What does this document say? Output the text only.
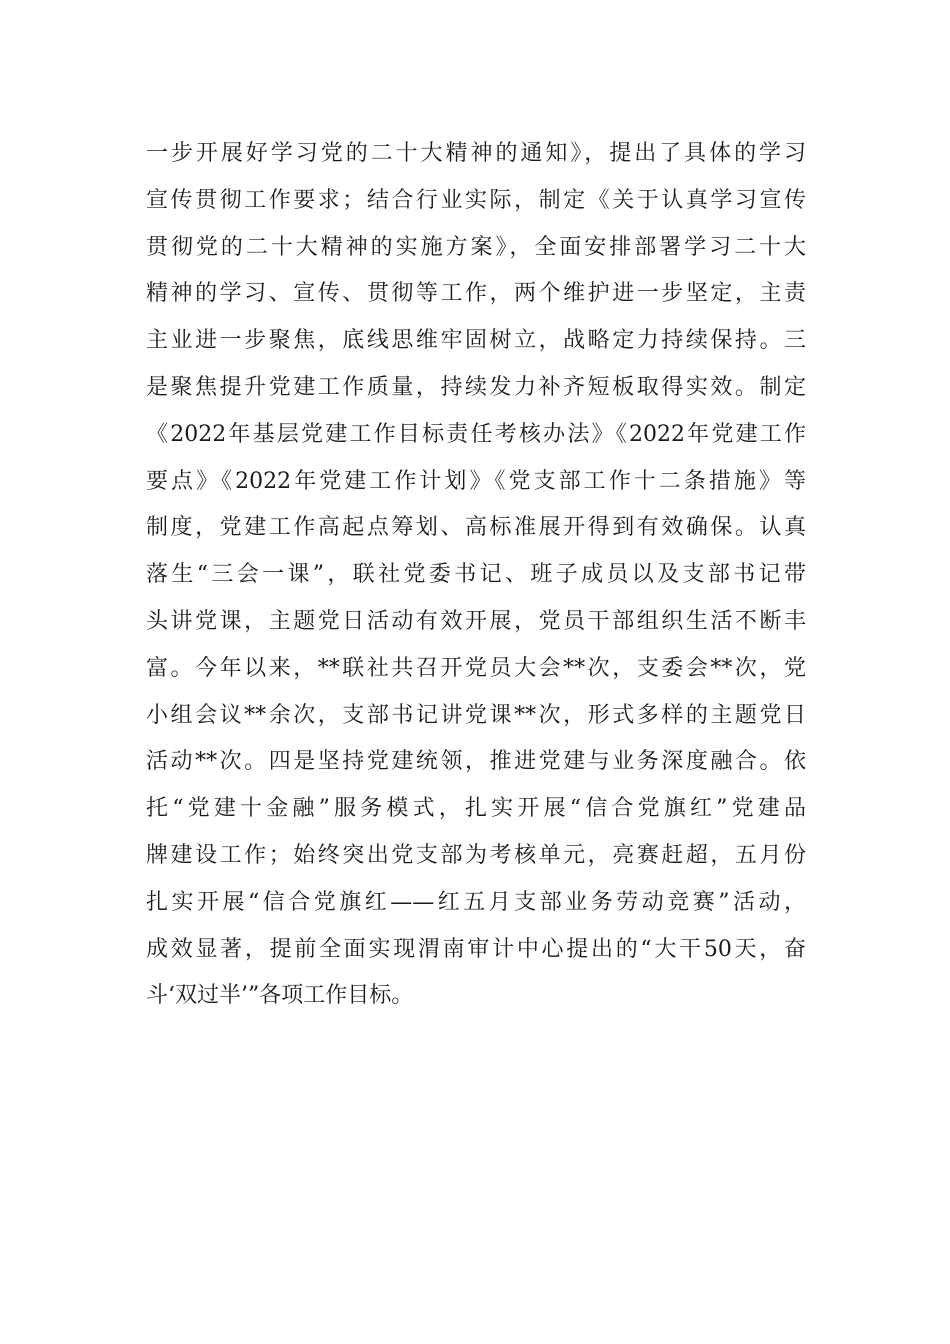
一步开展好学习党的二十大精神的通知》，提出了具体的学习
宣传贯彻工作要求；结合行业实际，制定《关于认真学习宣传
贯彻党的二十大精神的实施方案》，全面安排部署学习二十大
精神的学习、宣传、贯彻等工作，两个维护进一步坚定，主责
主业进一步聚焦，底线思维牢固树立，战略定力持续保持。三
是聚焦提升党建工作质量，持续发力补齐短板取得实效。制定
《2022年基层党建工作目标责任考核办法》《2022年党建工作
要点》《2022年党建工作计划》《党支部工作十二条措施》等
制度，党建工作高起点筹划、高标准展开得到有效确保。认真
落生“三会一课”，联社党委书记、班子成员以及支部书记带
头讲党课，主题党日活动有效开展，党员干部组织生活不断丰
富。今年以来，**联社共召开党员大会**次，支委会**次，党
小组会议**余次，支部书记讲党课**次，形式多样的主题党日
活动**次。四是坚持党建统领，推进党建与业务深度融合。依
托“党建十金融”服务模式，扎实开展“信合党旗红”党建品
牌建设工作；始终突出党支部为考核单元，亮赛赶超，五月份
扎实开展“信合党旗红——红五月支部业务劳动竞赛”活动，
成效显著，提前全面实现渭南审计中心提出的“大干50天，奋
斗‘双过半’”各项工作目标。
